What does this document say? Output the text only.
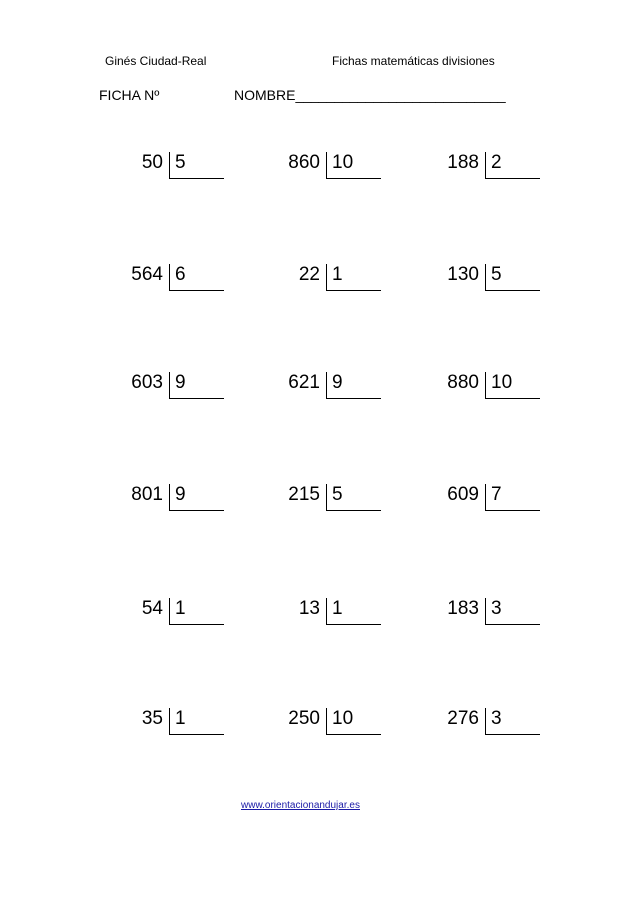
Ginés Ciudad-Real	Fichas matemáticas divisiones
FICHA Nº	NOMBRE___________________________
50 5	860 10	188 2
564 6	22 1	130 5
603 9	621 9	880 10
801 9	215 5	609 7
54 1	13 1	183 3
35 1	250 10	276 3
www.orientacionandujar.es
